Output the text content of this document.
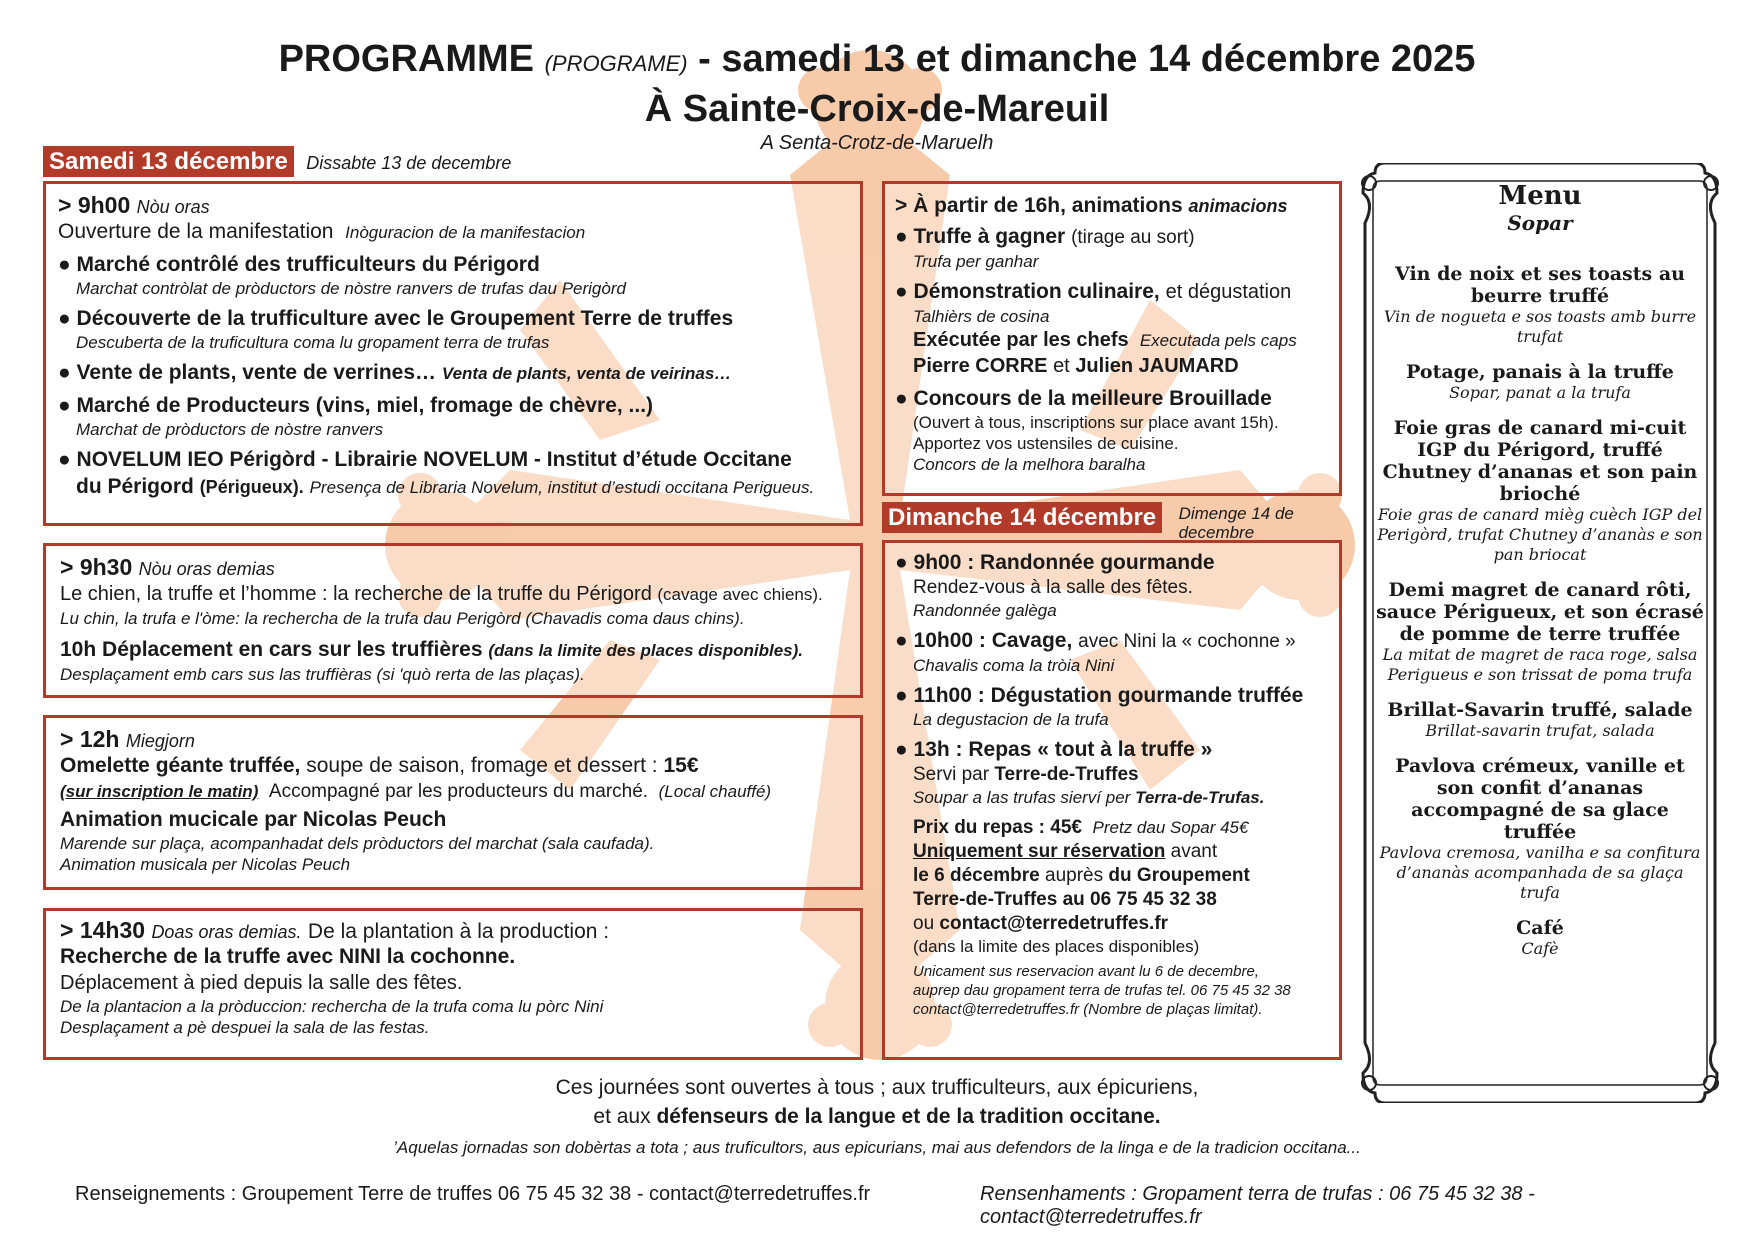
PROGRAMME (PROGRAME) - samedi 13 et dimanche 14 décembre 2025
À Sainte-Croix-de-Mareuil
A Senta-Crotz-de-Maruelh
Samedi 13 décembre Dissabte 13 de decembre

> 9h00 Nòu oras

Ouverture de la manifestation Inòguracion de la manifestacion

● Marché contrôlé des trufficulteurs du Périgord

Marchat contròlat de pròductors de nòstre ranvers de trufas dau Perigòrd

● Découverte de la trufficulture avec le Groupement Terre de truffes

Descuberta de la truficultura coma lu gropament terra de trufas

● Vente de plants, vente de verrines… Venta de plants, venta de veirinas…

● Marché de Producteurs (vins, miel, fromage de chèvre, ...)

Marchat de pròductors de nòstre ranvers

● NOVELUM IEO Périgòrd - Librairie NOVELUM - Institut d’étude Occitane

du Périgord (Périgueux). Presença de Libraria Novelum, institut d’estudi occitana Perigueus.

> 9h30 Nòu oras demias

Le chien, la truffe et l’homme : la recherche de la truffe du Périgord (cavage avec chiens).

Lu chin, la trufa e l'òme: la rechercha de la trufa dau Perigòrd (Chavadis coma daus chins).

10h Déplacement en cars sur les truffières (dans la limite des places disponibles).

Desplaçament emb cars sus las truffièras (si 'quò rerta de las plaças).

> 12h Miegjorn

Omelette géante truffée, soupe de saison, fromage et dessert : 15€

(sur inscription le matin) Accompagné par les producteurs du marché. (Local chauffé)

Animation mucicale par Nicolas Peuch

Marende sur plaça, acompanhadat dels pròductors del marchat (sala caufada).

Animation musicala per Nicolas Peuch

> 14h30 Doas oras demias. De la plantation à la production :

Recherche de la truffe avec NINI la cochonne.

Déplacement à pied depuis la salle des fêtes.

De la plantacion a la pròduccion: rechercha de la trufa coma lu pòrc Nini

Desplaçament a pè despuei la sala de las festas.

> À partir de 16h, animations animacions

● Truffe à gagner (tirage au sort)

Trufa per ganhar

● Démonstration culinaire, et dégustation

Talhièrs de cosina

Exécutée par les chefs Executada pels caps

Pierre CORRE et Julien JAUMARD

● Concours de la meilleure Brouillade

(Ouvert à tous, inscriptions sur place avant 15h).

Apportez vos ustensiles de cuisine.

Concors de la melhora baralha

Dimanche 14 décembre Dimenge 14 de decembre

● 9h00 : Randonnée gourmande

Rendez-vous à la salle des fêtes.

Randonnée galèga

● 10h00 : Cavage, avec Nini la « cochonne »

Chavalis coma la tròia Nini

● 11h00 : Dégustation gourmande truffée

La degustacion de la trufa

● 13h : Repas « tout à la truffe »

Servi par Terre-de-Truffes

Soupar a las trufas sierví per Terra-de-Trufas.

Prix du repas : 45€ Pretz dau Sopar 45€

Uniquement sur réservation avant

le 6 décembre auprès du Groupement

Terre-de-Truffes au 06 75 45 32 38

ou contact@terredetruffes.fr

(dans la limite des places disponibles)

Unicament sus reservacion avant lu 6 de decembre,

auprep dau gropament terra de trufas tel. 06 75 45 32 38

contact@terredetruffes.fr (Nombre de plaças limitat).

Menu
Sopar
Vin de noix et ses toasts au beurre truffé
Vin de nogueta e sos toasts amb burre trufat
Potage, panais à la truffe
Sopar, panat a la trufa
Foie gras de canard mi-cuit IGP du Périgord, truffé Chutney d’ananas et son pain brioché
Foie gras de canard mièg cuèch IGP del Perigòrd, trufat Chutney d’ananàs e son pan briocat
Demi magret de canard rôti, sauce Périgueux, et son écrasé de pomme de terre truffée
La mitat de magret de raca roge, salsa Perigueus e son trissat de poma trufa
Brillat-Savarin truffé, salade
Brillat-savarin trufat, salada
Pavlova crémeux, vanille et son confit d’ananas accompagné de sa glace truffée
Pavlova cremosa, vanilha e sa confitura d’ananàs acompanhada de sa glaça trufa
Café
Cafè
Ces journées sont ouvertes à tous ; aux trufficulteurs, aux épicuriens,
et aux défenseurs de la langue et de la tradition occitane.
’Aquelas jornadas son dobèrtas a tota ; aus truficultors, aus epicurians, mai aus defendors de la linga e de la tradicion occitana...
Renseignements : Groupement Terre de truffes 06 75 45 32 38 - contact@terredetruffes.fr	Rensenhaments : Gropament terra de trufas : 06 75 45 32 38 - contact@terredetruffes.fr
